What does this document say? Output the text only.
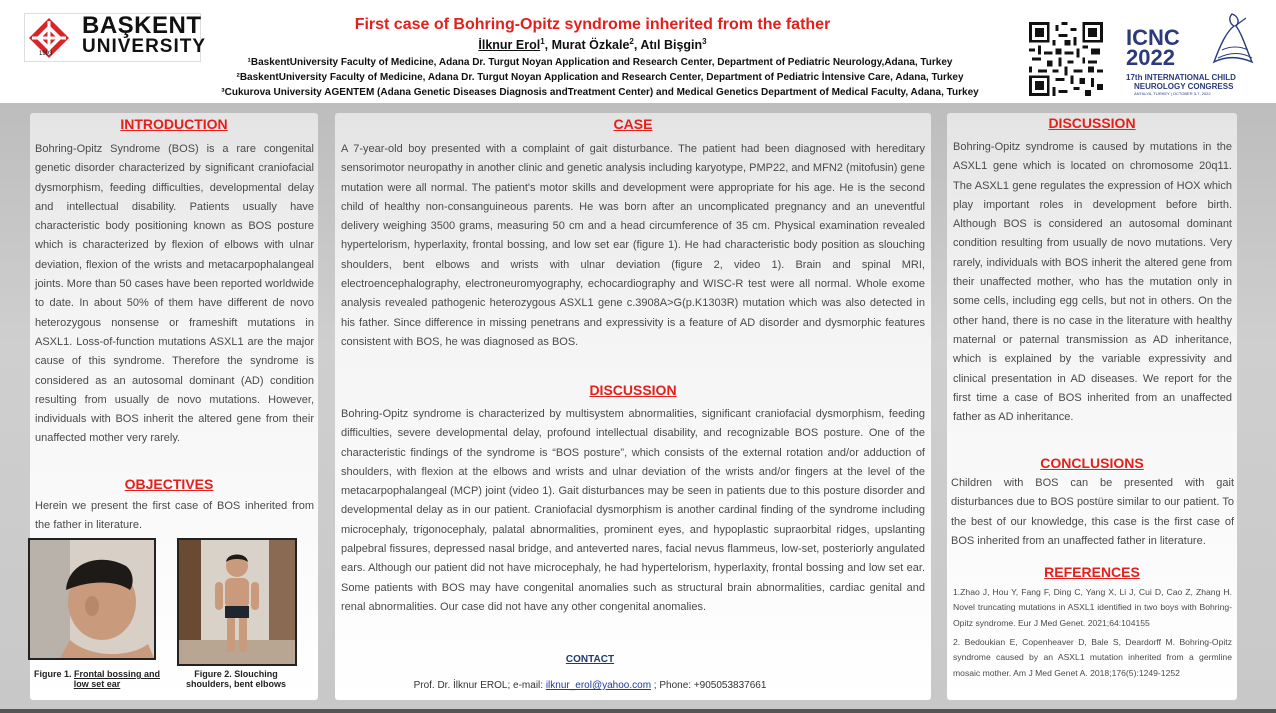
1993
BAŞKENT
UNIVERSITY
First case of Bohring-Opitz syndrome inherited from the father
İlknur Erol$^1$, Murat Özkale$^2$, Atıl Bişgin$^3$
¹BaskentUniversity Faculty of Medicine, Adana Dr. Turgut Noyan Application and Research Center, Department of Pediatric Neurology,Adana, Turkey
²BaskentUniversity Faculty of Medicine, Adana Dr. Turgut Noyan Application and Research Center, Department of Pediatric İntensive Care, Adana, Turkey
³Cukurova University AGENTEM (Adana Genetic Diseases Diagnosis andTreatment Center) and Medical Genetics Department of Medical Faculty, Adana, Turkey
ICNC
2022
17th INTERNATIONAL CHILD
NEUROLOGY CONGRESS
ANTALYA, TURKEY | OCTOBER 3-7, 2022
INTRODUCTION
Bohring-Opitz Syndrome (BOS) is a rare congenital genetic disorder characterized by significant craniofacial dysmorphism, feeding difficulties, developmental delay and intellectual disability. Patients usually have characteristic body positioning known as BOS posture which is characterized by flexion of elbows with ulnar deviation, flexion of the wrists and metacarpophalangeal joints. More than 50 cases have been reported worldwide to date. In about 50% of them have different de novo heterozygous nonsense or frameshift mutations in ASXL1. Loss-of-function mutations ASXL1 are the major cause of this syndrome. Therefore the syndrome is considered as an autosomal dominant (AD) condition resulting from usually de novo mutations. However, individuals with BOS inherit the altered gene from their unaffected mother very rarely.
OBJECTIVES
Herein we present the first case of BOS inherited from the father in literature.
Figure 1. Frontal bossing and
low set ear
Figure 2. Slouching
shoulders, bent elbows
CASE
A 7-year-old boy presented with a complaint of gait disturbance. The patient had been diagnosed with hereditary sensorimotor neuropathy in another clinic and genetic analysis including karyotype, PMP22, and MFN2 (mitofusin) gene mutation were all normal. The patient's motor skills and development were appropriate for his age. He is the second child of healthy non-consanguineous parents. He was born after an uncomplicated pregnancy and an uneventful delivery weighing 3500 grams, measuring 50 cm and a head circumference of 35 cm. Physical examination revealed hypertelorism, hyperlaxity, frontal bossing, and low set ear (figure 1). He had characteristic body position as slouching shoulders, bent elbows and wrists with ulnar deviation (figure 2, video 1). Brain and spinal MRI, electroencephalography, electroneuromyography, echocardiography and WISC-R test were all normal. Whole exome analysis revealed pathogenic heterozygous ASXL1 gene c.3908A>G(p.K1303R) mutation which was also detected in his father. Since difference in missing penetrans and expressivity is a feature of AD disorder and dysmorphic features consistent with BOS, he was diagnosed as BOS.
DISCUSSION
Bohring-Opitz syndrome is characterized by multisystem abnormalities, significant craniofacial dysmorphism, feeding difficulties, severe developmental delay, profound intellectual disability, and recognizable BOS posture. One of the characteristic findings of the syndrome is “BOS posture”, which consists of the external rotation and/or adduction of shoulders, with flexion at the elbows and wrists and ulnar deviation of the wrists and/or fingers at the level of the metacarpophalangeal (MCP) joint (video 1). Gait disturbances may be seen in patients due to this posture disorder and developmental delay as in our patient. Craniofacial dysmorphism is another cardinal finding of the syndrome including microcephaly, trigonocephaly, palatal abnormalities, prominent eyes, and hypoplastic supraorbital ridges, upslanting palpebral fissures, depressed nasal bridge, and anteverted nares, facial nevus flammeus, low-set, posteriorly angulated ears. Although our patient did not have microcephaly, he had hypertelorism, hyperlaxity, frontal bossing and low set ear. Some patients with BOS may have congenital anomalies such as structural brain abnormalities, cardiac genital and renal abnormalities. Our case did not have any other congenital anomalies.
CONTACT
Prof. Dr. İlknur EROL; e-mail: ilknur_erol@yahoo.com ; Phone: +905053837661
DISCUSSION
Bohring-Opitz syndrome is caused by mutations in the ASXL1 gene which is located on chromosome 20q11. The ASXL1 gene regulates the expression of HOX which play important roles in development before birth. Although BOS is considered an autosomal dominant condition resulting from usually de novo mutations. Very rarely, individuals with BOS inherit the altered gene from their unaffected mother, who has the mutation only in some cells, including egg cells, but not in others. On the other hand, there is no case in the literature with healthy maternal or paternal transmission as AD inheritance, which is explained by the variable expressivity and clinical presentation in AD diseases. We report for the first time a case of BOS inherited from an unaffected father as AD inheritance.
CONCLUSIONS
Children with BOS can be presented with gait disturbances due to BOS postüre similar to our patient. To the best of our knowledge, this case is the first case of BOS inherited from an unaffected father in literature.
REFERENCES
1.Zhao J, Hou Y, Fang F, Ding C, Yang X, Li J, Cui D, Cao Z, Zhang H. Novel truncating mutations in ASXL1 identified in two boys with Bohring-Opitz syndrome. Eur J Med Genet. 2021;64:104155
2. Bedoukian E, Copenheaver D, Bale S, Deardorff M. Bohring-Opitz syndrome caused by an ASXL1 mutation inherited from a germline mosaic mother. Am J Med Genet A. 2018;176(5):1249-1252
